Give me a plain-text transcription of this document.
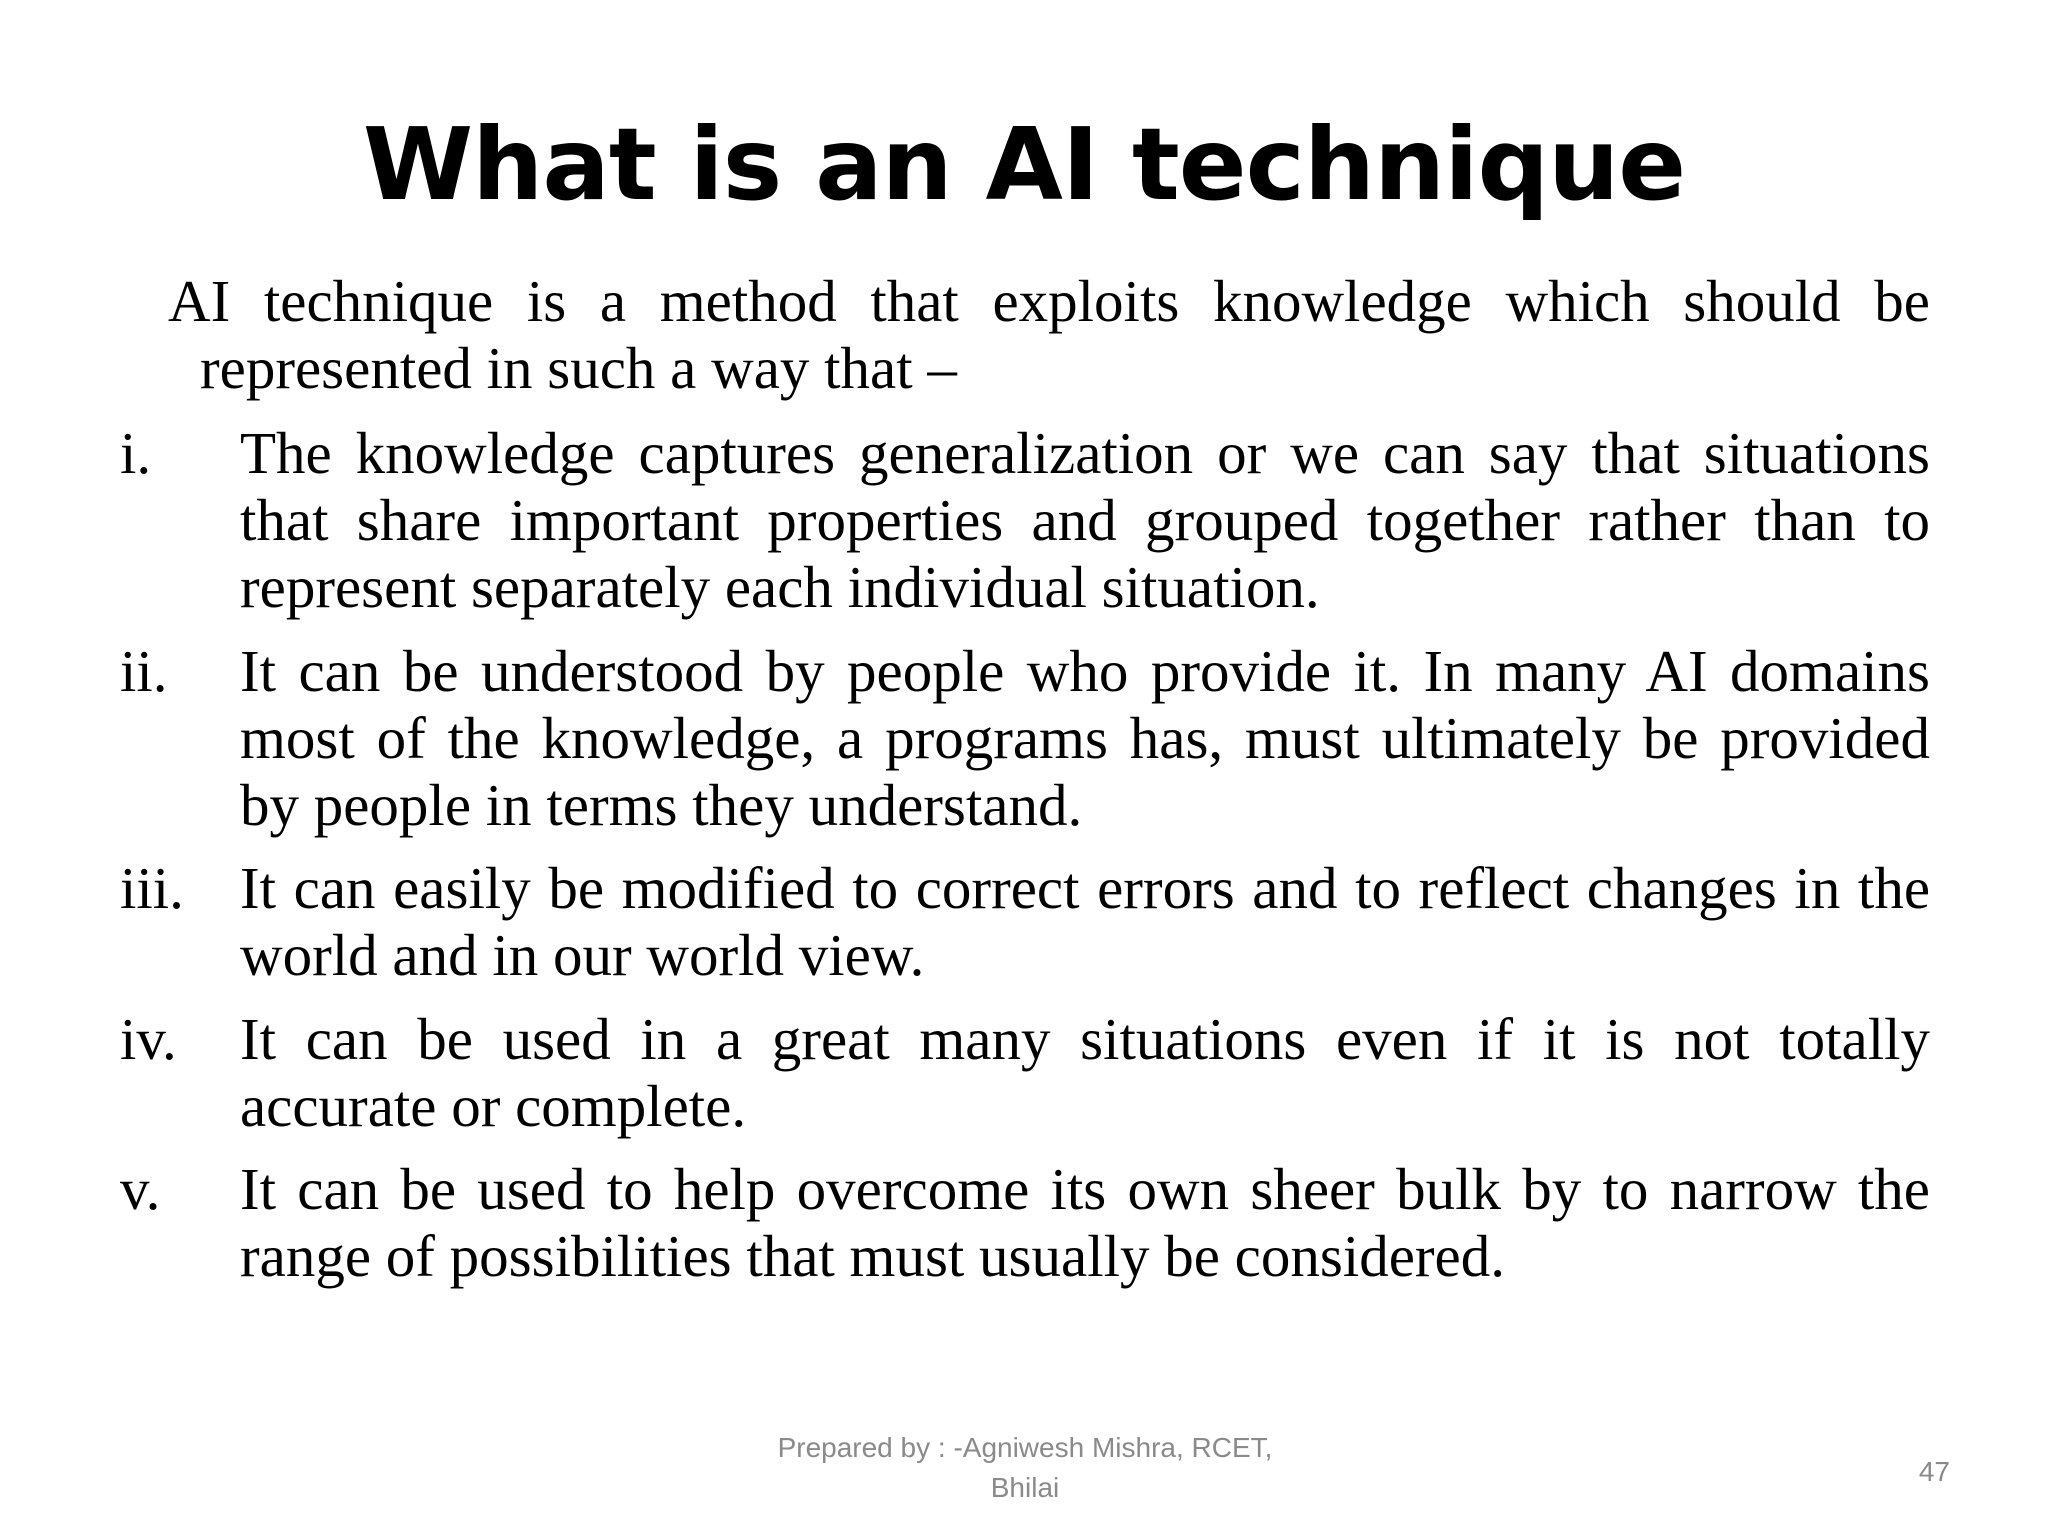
What is an AI technique
AI technique is a method that exploits knowledge which should be
represented in such a way that –
i.	The knowledge captures generalization or we can say that situations that share important properties and grouped together rather than to represent separately each individual situation.
ii.	It can be understood by people who provide it. In many AI domains most of the knowledge, a programs has, must ultimately be provided by people in terms they understand.
iii. It can easily be modified to correct errors and to reflect changes in the world and in our world view.
iv.	It can be used in a great many situations even if it is not totally accurate or complete.
v.	It can be used to help overcome its own sheer bulk by to narrow the range of possibilities that must usually be considered.
Prepared by : -Agniwesh Mishra, RCET,
Bhilai
47
